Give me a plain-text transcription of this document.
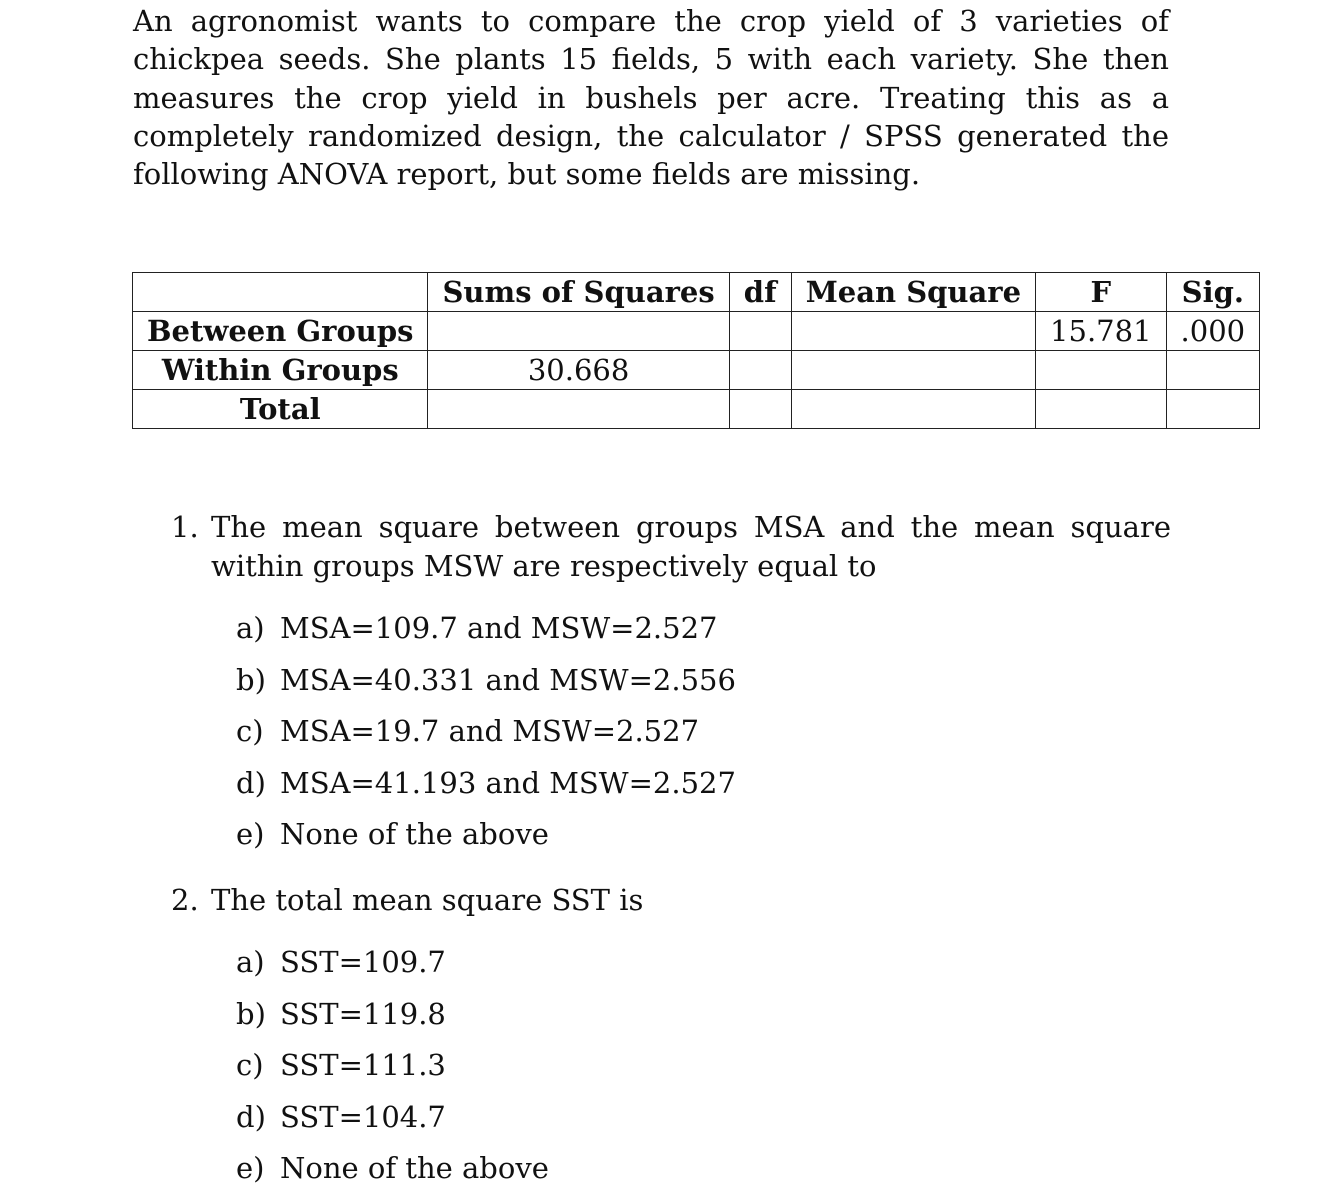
An agronomist wants to compare the crop yield of 3 varieties of chickpea seeds. She plants 15 fields, 5 with each variety. She then measures the crop yield in bushels per acre. Treating this as a completely randomized design, the calculator / SPSS generated the following ANOVA report, but some fields are missing.

	Sums of Squares	df	Mean Square	F	Sig.
Between Groups				15.781	.000
Within Groups	30.668				
Total					
1. The mean square between groups MSA and the mean square within groups MSW are respectively equal to
a) MSA=109.7 and MSW=2.527
b) MSA=40.331 and MSW=2.556
c) MSA=19.7 and MSW=2.527
d) MSA=41.193 and MSW=2.527
e) None of the above
2. The total mean square SST is
a) SST=109.7
b) SST=119.8
c) SST=111.3
d) SST=104.7
e) None of the above
